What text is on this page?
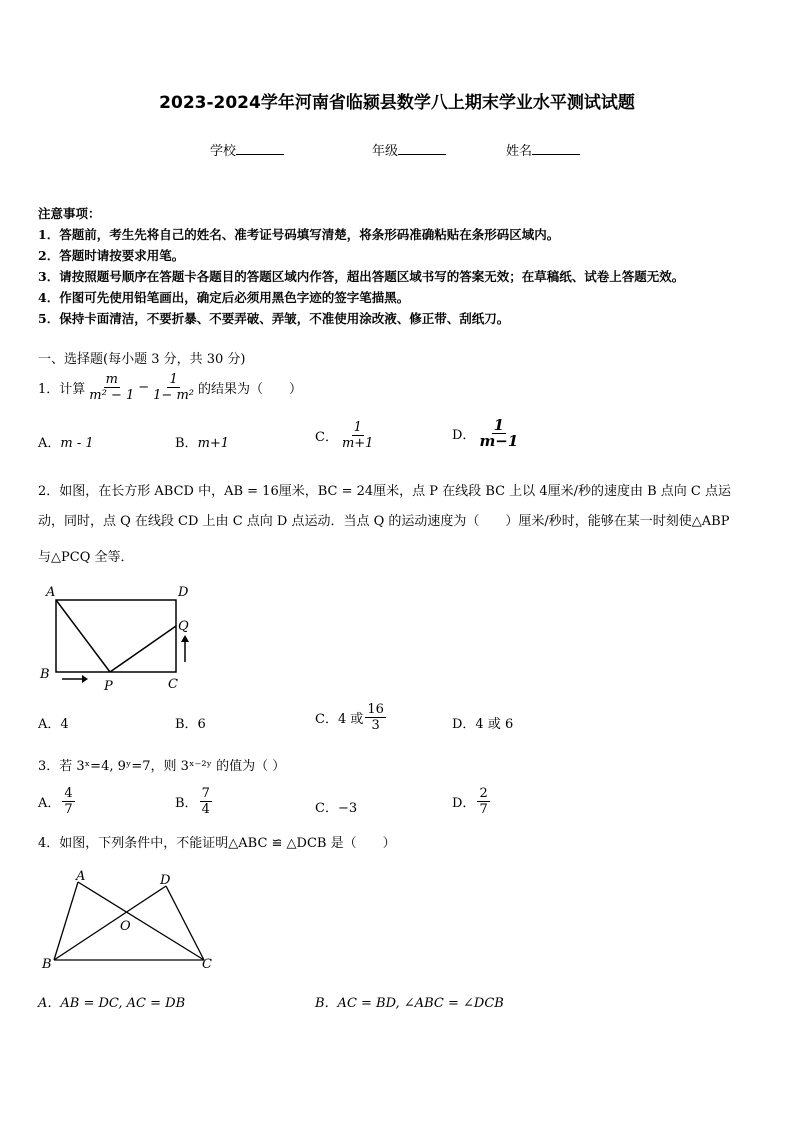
2023-2024学年河南省临颍县数学八上期末学业水平测试试题
学校	年级	姓名
注意事项：
1．答题前，考生先将自己的姓名、准考证号码填写清楚，将条形码准确粘贴在条形码区域内。
2．答题时请按要求用笔。
3．请按照题号顺序在答题卡各题目的答题区域内作答，超出答题区域书写的答案无效；在草稿纸、试卷上答题无效。
4．作图可先使用铅笔画出，确定后必须用黑色字迹的签字笔描黑。
5．保持卡面清洁，不要折暴、不要弄破、弄皱，不准使用涂改液、修正带、刮纸刀。
一、选择题(每小题 3 分，共 30 分)
1．计算 $\frac{m}{\text{m² − 1}} - \frac{1}{\text{1− m²}}$ 的结果为（　　）
A．m - 1	B．m+1	C． $\frac{1}{m+1}$	D． $\frac{1}{m-1}$
2．如图，在长方形 ABCD 中，AB = 16厘米，BC = 24厘米，点 P 在线段 BC 上以 4厘米/秒的速度由 B 点向 C 点运
动，同时，点 Q 在线段 CD 上由 C 点向 D 点运动．当点 Q 的运动速度为（　　）厘米/秒时，能够在某一时刻使△ABP
与△PCQ 全等．
A	D
B
C
P
Q
A．4	B．6	C．4 或 $\frac{16}{3}$	D．4 或 6
3．若 3ˣ=4, 9ʸ=7，则 3ˣ⁻²ʸ 的值为（ ）
A． $\frac{4}{7}$	B． $\frac{7}{4}$	C．−3	D． $\frac{2}{7}$
4．如图，下列条件中，不能证明△ABC ≌ △DCB 是（　　）
A	D
O
B	C
A．AB = DC, AC = DB	B．AC = BD, ∠ABC = ∠DCB
